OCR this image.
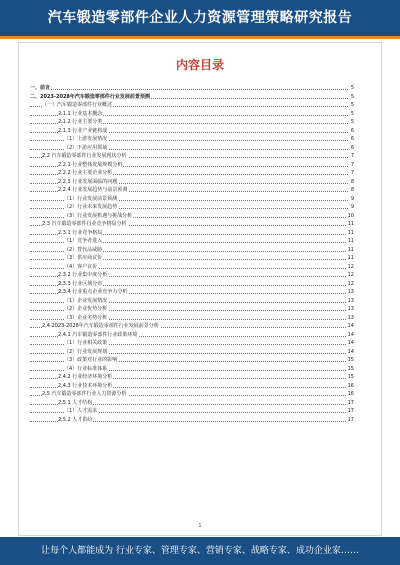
汽车锻造零部件企业人力资源管理策略研究报告
内容目录
一、前言	5
二、2023-2028年汽车锻造零部件行业发展前景预测	5
（一）汽车锻造零部件行业概述	5
2.1.1 行业基本概念	5
2.1.2 行业主要分类	5
2.1.3 行业产业链构成	6
（1）上游发展情况	6
（2）下游应用领域	6
2.2 汽车锻造零部件行业发展现状分析	7
2.2.1 行业整体发展规模分析	7
2.2.2 行业主要企业分析	7
2.2.3 行业发展面临的问题	8
2.2.4 行业发展趋势与前景预测	8
（1）行业发展前景预测	9
（2）行业未来发展趋势	9
（3）行业发展机遇与挑战分析	10
2.3 汽车锻造零部件行业竞争格局分析	11
2.3.1 行业竞争格局	11
（1）竞争者进入	11
（2）替代品威胁	11
（3）供应商议价	11
（4）客户议价	12
2.3.2 行业集中度分析	12
2.3.3 行业区域分布	12
2.3.4 行业重点企业竞争力分析	13
（1）企业发展情况	13
（2）企业优势分析	13
（3）企业劣势分析	13
2.4 2023-2028年汽车锻造零部件行业发展前景分析	14
2.4.1 汽车锻造零部件行业政策环境	14
（1）行业相关政策	14
（2）行业发展规划	14
（3）政策对行业的影响	15
（4）行业标准体系	15
2.4.2 行业经济环境分析	15
2.4.3 行业技术环境分析	16
2.5 汽车锻造零部件行业人力资源分析	16
2.5.1 人才结构	17
（1）人才需求	17
2.5.2 人才供给	17
1
让每个人都能成为 行业专家、管理专家、营销专家、战略专家、成功企业家……
